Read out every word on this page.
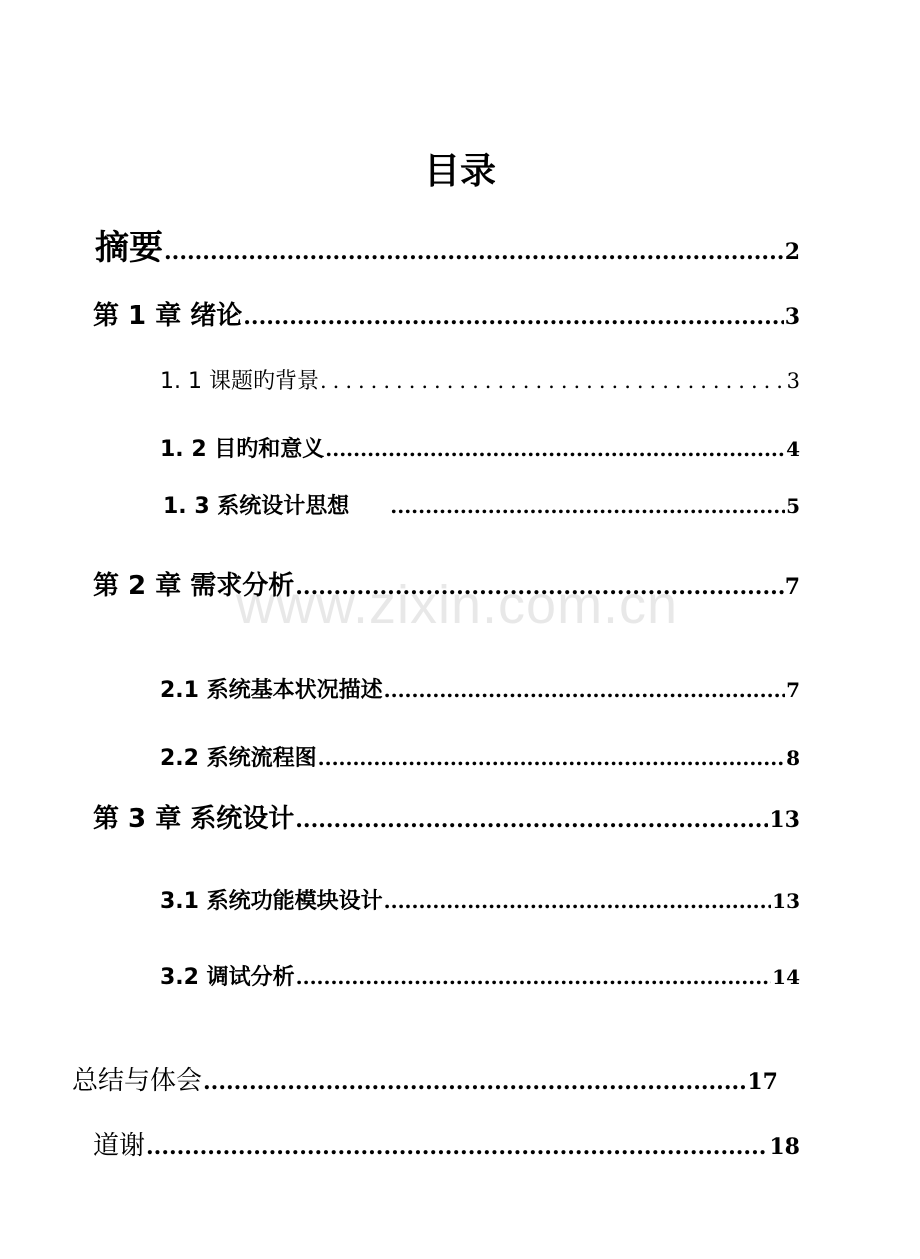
目录
www.zixin.com.cn
摘要 .....	2
第 1 章 绪论 .....	3
1. 1 课题旳背景 .....	3
1. 2 目旳和意义 .....	4
1. 3 系统设计思想 .....	5
第 2 章 需求分析 .....	7
2.1 系统基本状况描述 .....	7
2.2 系统流程图 .....	8
第 3 章 系统设计 .....	13
3.1 系统功能模块设计 .....	13
3.2 调试分析 .....	14
总结与体会 .....	17
道谢 .....	18
